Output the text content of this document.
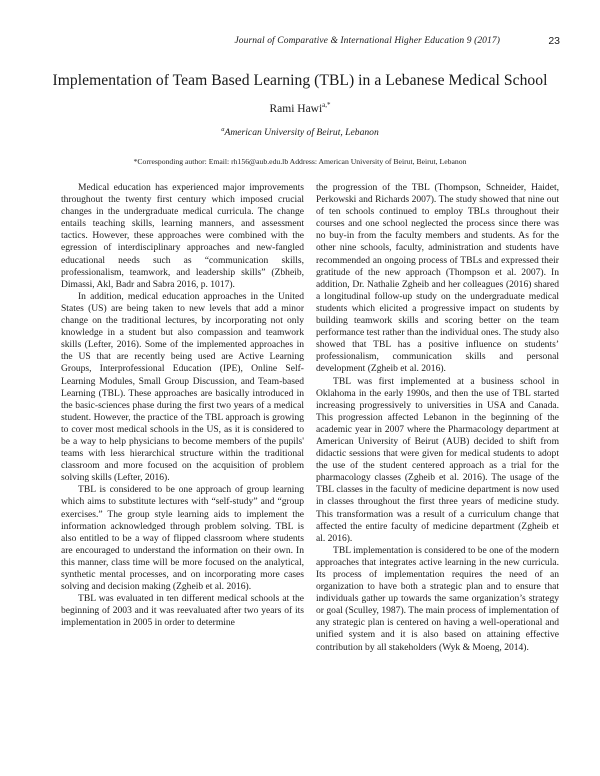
Journal of Comparative & International Higher Education 9 (2017)	23
Implementation of Team Based Learning (TBL) in a Lebanese Medical School
Rami Hawi$^{a,*}$
$^a$American University of Beirut, Lebanon
*Corresponding author: Email: rh156@aub.edu.lb Address: American University of Beirut, Beirut, Lebanon

Medical education has experienced major improvements throughout the twenty first century which imposed crucial changes in the undergraduate medical curricula. The change entails teaching skills, learning manners, and assessment tactics. However, these approaches were combined with the egression of interdisciplinary approaches and new-fangled educational needs such as “communication skills, professionalism, teamwork, and leadership skills” (Zbheib, Dimassi, Akl, Badr and Sabra 2016, p. 1017).

In addition, medical education approaches in the United States (US) are being taken to new levels that add a minor change on the traditional lectures, by incorporating not only knowledge in a student but also compassion and teamwork skills (Lefter, 2016). Some of the implemented approaches in the US that are recently being used are Active Learning Groups, Interprofessional Education (IPE), Online Self-Learning Modules, Small Group Discussion, and Team-based Learning (TBL). These approaches are basically introduced in the basic-sciences phase during the first two years of a medical student. However, the practice of the TBL approach is growing to cover most medical schools in the US, as it is considered to be a way to help physicians to become members of the pupils' teams with less hierarchical structure within the traditional classroom and more focused on the acquisition of problem solving skills (Lefter, 2016).

TBL is considered to be one approach of group learning which aims to substitute lectures with “self-study” and “group exercises.” The group style learning aids to implement the information acknowledged through problem solving. TBL is also entitled to be a way of flipped classroom where students are encouraged to understand the information on their own. In this manner, class time will be more focused on the analytical, synthetic mental processes, and on incorporating more cases solving and decision making (Zgheib et al. 2016).

TBL was evaluated in ten different medical schools at the beginning of 2003 and it was reevaluated after two years of its implementation in 2005 in order to determine

the progression of the TBL (Thompson, Schneider, Haidet, Perkowski and Richards 2007). The study showed that nine out of ten schools continued to employ TBLs throughout their courses and one school neglected the process since there was no buy-in from the faculty members and students. As for the other nine schools, faculty, administration and students have recommended an ongoing process of TBLs and expressed their gratitude of the new approach (Thompson et al. 2007). In addition, Dr. Nathalie Zgheib and her colleagues (2016) shared a longitudinal follow-up study on the undergraduate medical students which elicited a progressive impact on students by building teamwork skills and scoring better on the team performance test rather than the individual ones. The study also showed that TBL has a positive influence on students’ professionalism, communication skills and personal development (Zgheib et al. 2016).

TBL was first implemented at a business school in Oklahoma in the early 1990s, and then the use of TBL started increasing progressively to universities in USA and Canada. This progression affected Lebanon in the beginning of the academic year in 2007 where the Pharmacology department at American University of Beirut (AUB) decided to shift from didactic sessions that were given for medical students to adopt the use of the student centered approach as a trial for the pharmacology classes (Zgheib et al. 2016). The usage of the TBL classes in the faculty of medicine department is now used in classes throughout the first three years of medicine study. This transformation was a result of a curriculum change that affected the entire faculty of medicine department (Zgheib et al. 2016).

TBL implementation is considered to be one of the modern approaches that integrates active learning in the new curricula. Its process of implementation requires the need of an organization to have both a strategic plan and to ensure that individuals gather up towards the same organization’s strategy or goal (Sculley, 1987). The main process of implementation of any strategic plan is centered on having a well-operational and unified system and it is also based on attaining effective contribution by all stakeholders (Wyk & Moeng, 2014).
